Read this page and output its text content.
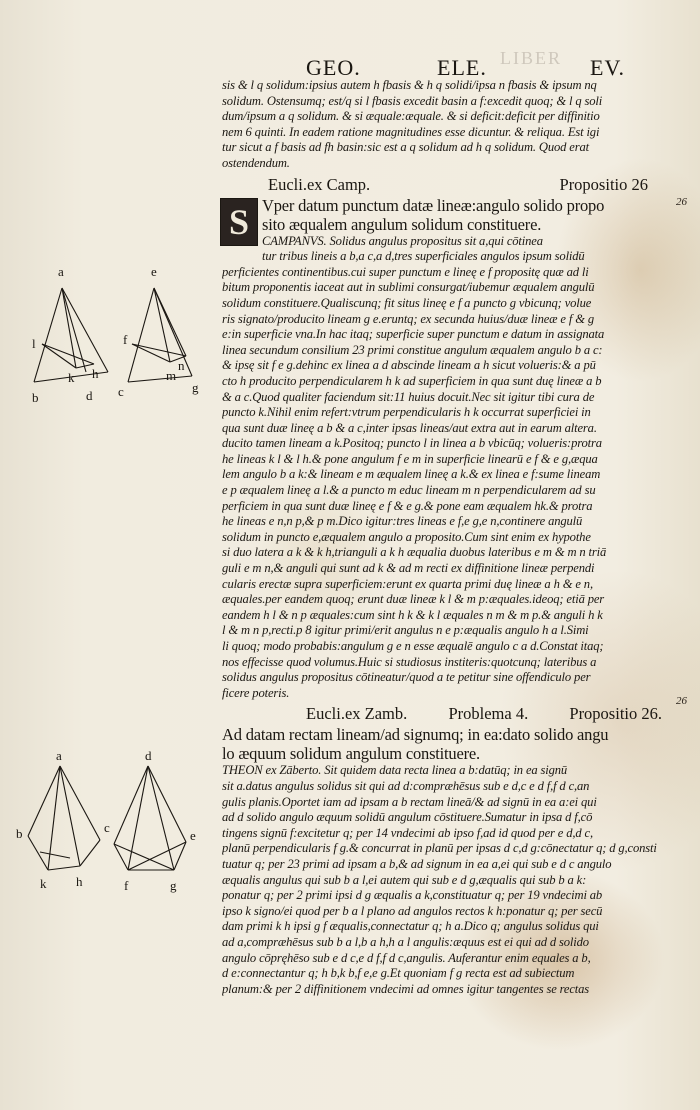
LIBER
GEO.	ELE.	EV.
sis & l q solidum:ipsius autem h fbasis & h q solidi/ipsa n fbasis & ipsum nq
solidum. Ostensumq; est/q si l fbasis excedit basin a f:excedit quoq; & l q soli
dum/ipsum a q solidum. & si æquale:æquale. & si deficit:deficit per diffinitio
nem 6 quinti. In eadem ratione magnitudines esse dicuntur. & reliqua. Est igi
tur sicut a f basis ad fh basin:sic est a q solidum ad h q solidum. Quod erat
ostendendum.
Eucli.ex Camp.	Propositio 26
S Vper datum punctum datæ lineæ:angulo solido propo
sito æqualem angulum solidum constituere.
CAMPANVS. Solidus angulus propositus sit a,qui cōtinea
tur tribus lineis a b,a c,a d,tres superficiales angulos ipsum solidū
perficientes continentibus.cui super punctum e lineę e f propositę quæ ad li
bitum proponentis iaceat aut in sublimi consurgat/iubemur æqualem angulū
solidum constituere.Qualiscunq; fit situs lineę e f a puncto g vbicunq; volue
ris signato/producito lineam g e.eruntq; ex secunda huius/duæ lineæ e f & g
e:in superficie vna.In hac itaq; superficie super punctum e datum in assignata
linea secundum consilium 23 primi constitue angulum æqualem angulo b a c:
& ipsę sit f e g.dehinc ex linea a d abscinde lineam a h sicut volueris:& a pū
cto h producito perpendicularem h k ad superficiem in qua sunt duę lineæ a b
& a c.Quod qualiter faciendum sit:11 huius docuit.Nec sit igitur tibi cura de
puncto k.Nihil enim refert:vtrum perpendicularis h k occurrat superficiei in
qua sunt duæ lineę a b & a c,inter ipsas lineas/aut extra aut in earum altera.
ducito tamen lineam a k.Positoq; puncto l in linea a b vbicūq; volueris:protra
he lineas k l & l h.& pone angulum f e m in superficie linearū e f & e g,æqua
lem angulo b a k:& lineam e m æqualem lineę a k.& ex linea e f:sume lineam
e p æqualem lineę a l.& a puncto m educ lineam m n perpendicularem ad su
perficiem in qua sunt duæ lineę e f & e g.& pone eam æqualem hk.& protra
he lineas e n,n p,& p m.Dico igitur:tres lineas e f,e g,e n,continere angulū
solidum in puncto e,æqualem angulo a proposito.Cum sint enim ex hypothe
si duo latera a k & k h,trianguli a k h æqualia duobus lateribus e m & m n triā
guli e m n,& anguli qui sunt ad k & ad m recti ex diffinitione lineæ perpendi
cularis erectæ supra superficiem:erunt ex quarta primi duę lineæ a h & e n,
æquales.per eandem quoq; erunt duæ lineæ k l & m p:æquales.ideoq; etiā per
eandem h l & n p æquales:cum sint h k & k l æquales n m & m p.& anguli h k
l & m n p,recti.p 8 igitur primi/erit angulus n e p:æqualis angulo h a l.Simi
li quoq; modo probabis:angulum g e n esse æqualē angulo c a d.Constat itaq;
nos effecisse quod volumus.Huic si studiosus institeris:quotcunq; lateribus a
solidus angulus propositus cōtineatur/quod a te petitur sine offendiculo per
ficere poteris.
Eucli.ex Zamb. Problema 4. Propositio 26.
Ad datam rectam lineam/ad signumq; in ea:dato solido angu
lo æquum solidum angulum constituere.
THEON ex Zāberto. Sit quidem data recta linea a b:datūq; in ea signū
sit a.datus angulus solidus sit qui ad d:compræhēsus sub e d,c e d f,f d c,an
gulis planis.Oportet iam ad ipsam a b rectam lineā/& ad signū in ea a:ei qui
ad d solido angulo æquum solidū angulum cōstituere.Sumatur in ipsa d f,cō
tingens signū f:excitetur q; per 14 vndecimi ab ipso f,ad id quod per e d,d c,
planū perpendicularis f g.& concurrat in planū per ipsas d c,d g:cōnectatur q; d g,consti
tuatur q; per 23 primi ad ipsam a b,& ad signum in ea a,ei qui sub e d c angulo
æqualis angulus qui sub b a l,ei autem qui sub e d g,æqualis qui sub b a k:
ponatur q; per 2 primi ipsi d g æqualis a k,constituatur q; per 19 vndecimi ab
ipso k signo/ei quod per b a l plano ad angulos rectos k h:ponatur q; per secū
dam primi k h ipsi g f æqualis,connectatur q; h a.Dico q; angulus solidus qui
ad a,compræhēsus sub b a l,b a h,h a l angulis:æquus est ei qui ad d solido
angulo cōpręhēso sub e d c,e d f,f d c,angulis. Auferantur enim equales a b,
d e:connectantur q; h b,k b,f e,e g.Et quoniam f g recta est ad subiectum
planum:& per 2 diffinitionem vndecimi ad omnes igitur tangentes se rectas
26
26
a
l
k h
b	d
e
f
c
m
n
g
a
b
k h
d
c
e
f	g
